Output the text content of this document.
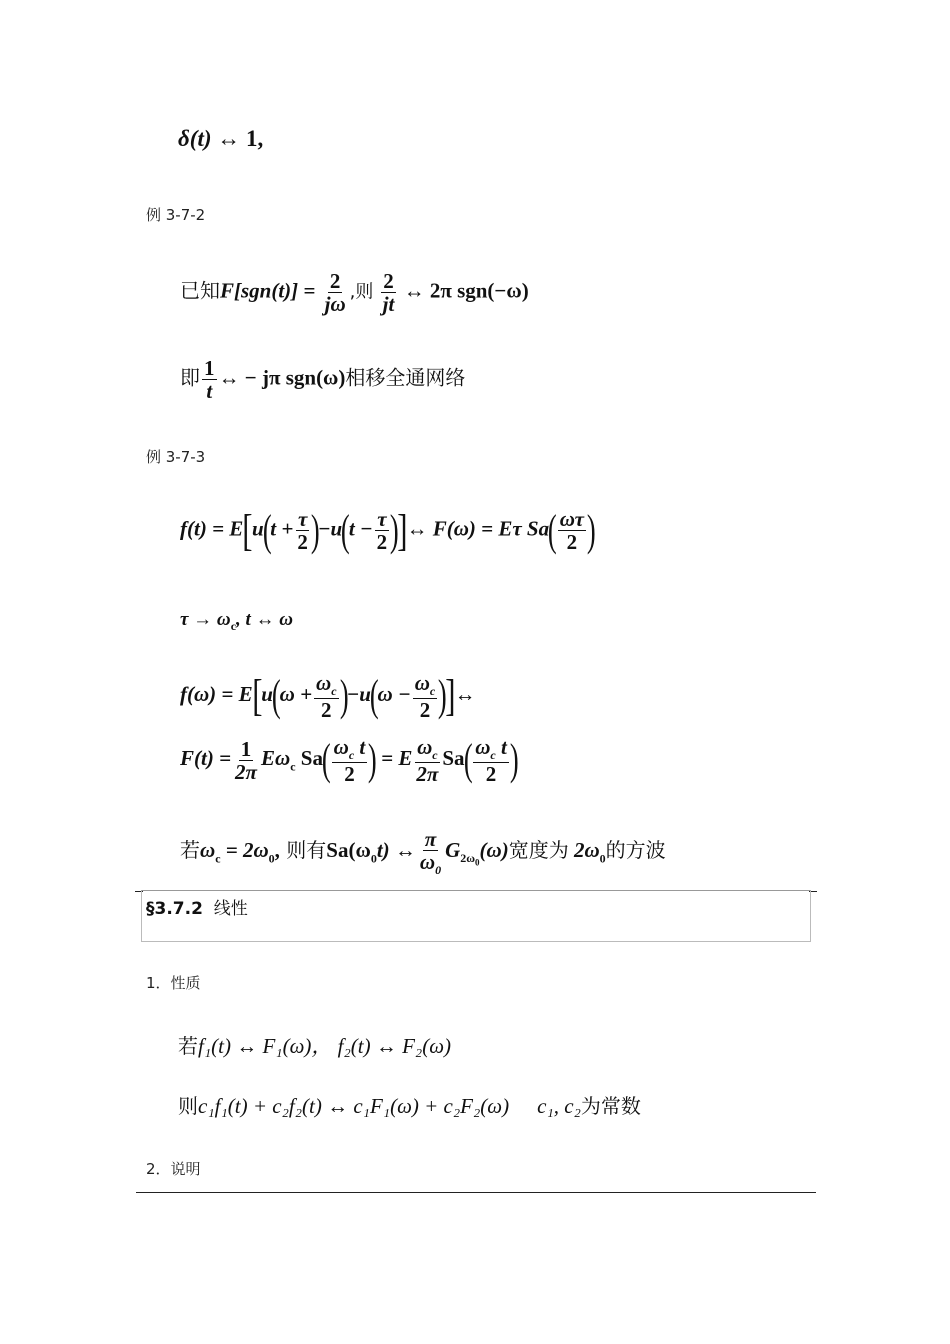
δ(t) ↔ 1,
例 3-7-2
已知$F[sgn(t)] = \frac{2}{j\omega}$ ,则 $\frac{2}{jt}$ ↔ 2π sgn(−ω)
即 $\frac{1}{t}$ ↔ − jπ sgn(ω)相移全通网络
例 3-7-3
$f(t) = E[u(t + \frac{\tau}{2} )-u(t - \frac{\tau}{2}$ )]↔ F(ω) = Eτ $Sa( \frac{\omega\tau}{2}$ )
$\tau \to \omega_c$, t ↔ ω
$f(\omega) = E[u(\omega + \frac{\omega_c}{2} )-u(\omega - \frac{\omega_c}{2}$ )]↔
$F(t) = \frac{1}{2\pi} E\omega_c$ $Sa( \frac{\omega_c t}{2}$ ) = E $\frac{\omega_c}{2\pi} Sa( \frac{\omega_c t}{2}$ )
若$\omega_c = 2\omega_0$, 则有$Sa(\omega_0t)$ ↔ $\frac{\pi}{\omega_0} G_{2\omega_0}(\omega)$宽度为 $2\omega_0$的方波
§3.7.2 线性
1．性质
若f₁(t) ↔ F₁(ω)， f₂(t) ↔ F₂(ω)
则c₁f₁(t) + c₂f₂(t) ↔ c₁F₁(ω) + c₂F₂(ω) c₁, c₂为常数
2．说明
